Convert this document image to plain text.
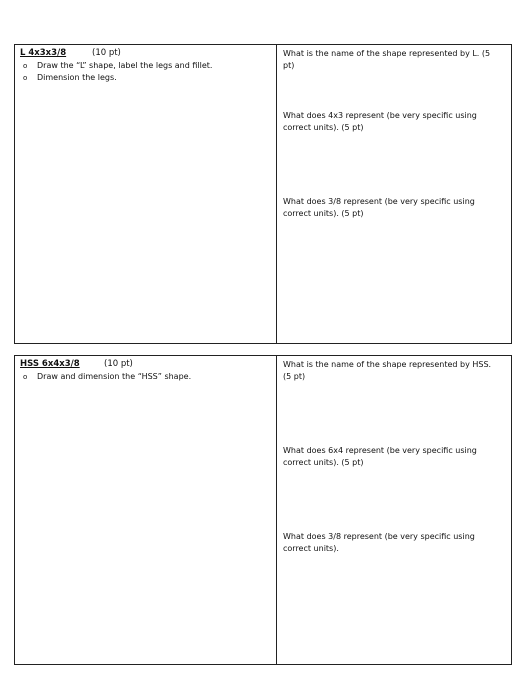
L 4x3x3/8	(10 pt)
o	Draw the “L” shape, label the legs and fillet.
o	Dimension the legs.
What is the name of the shape represented by L. (5 pt)
What does 4x3 represent (be very specific using correct units). (5 pt)
What does 3/8 represent (be very specific using correct units). (5 pt)
HSS 6x4x3/8	(10 pt)
o	Draw and dimension the “HSS” shape.
What is the name of the shape represented by HSS. (5 pt)
What does 6x4 represent (be very specific using correct units). (5 pt)
What does 3/8 represent (be very specific using correct units).
